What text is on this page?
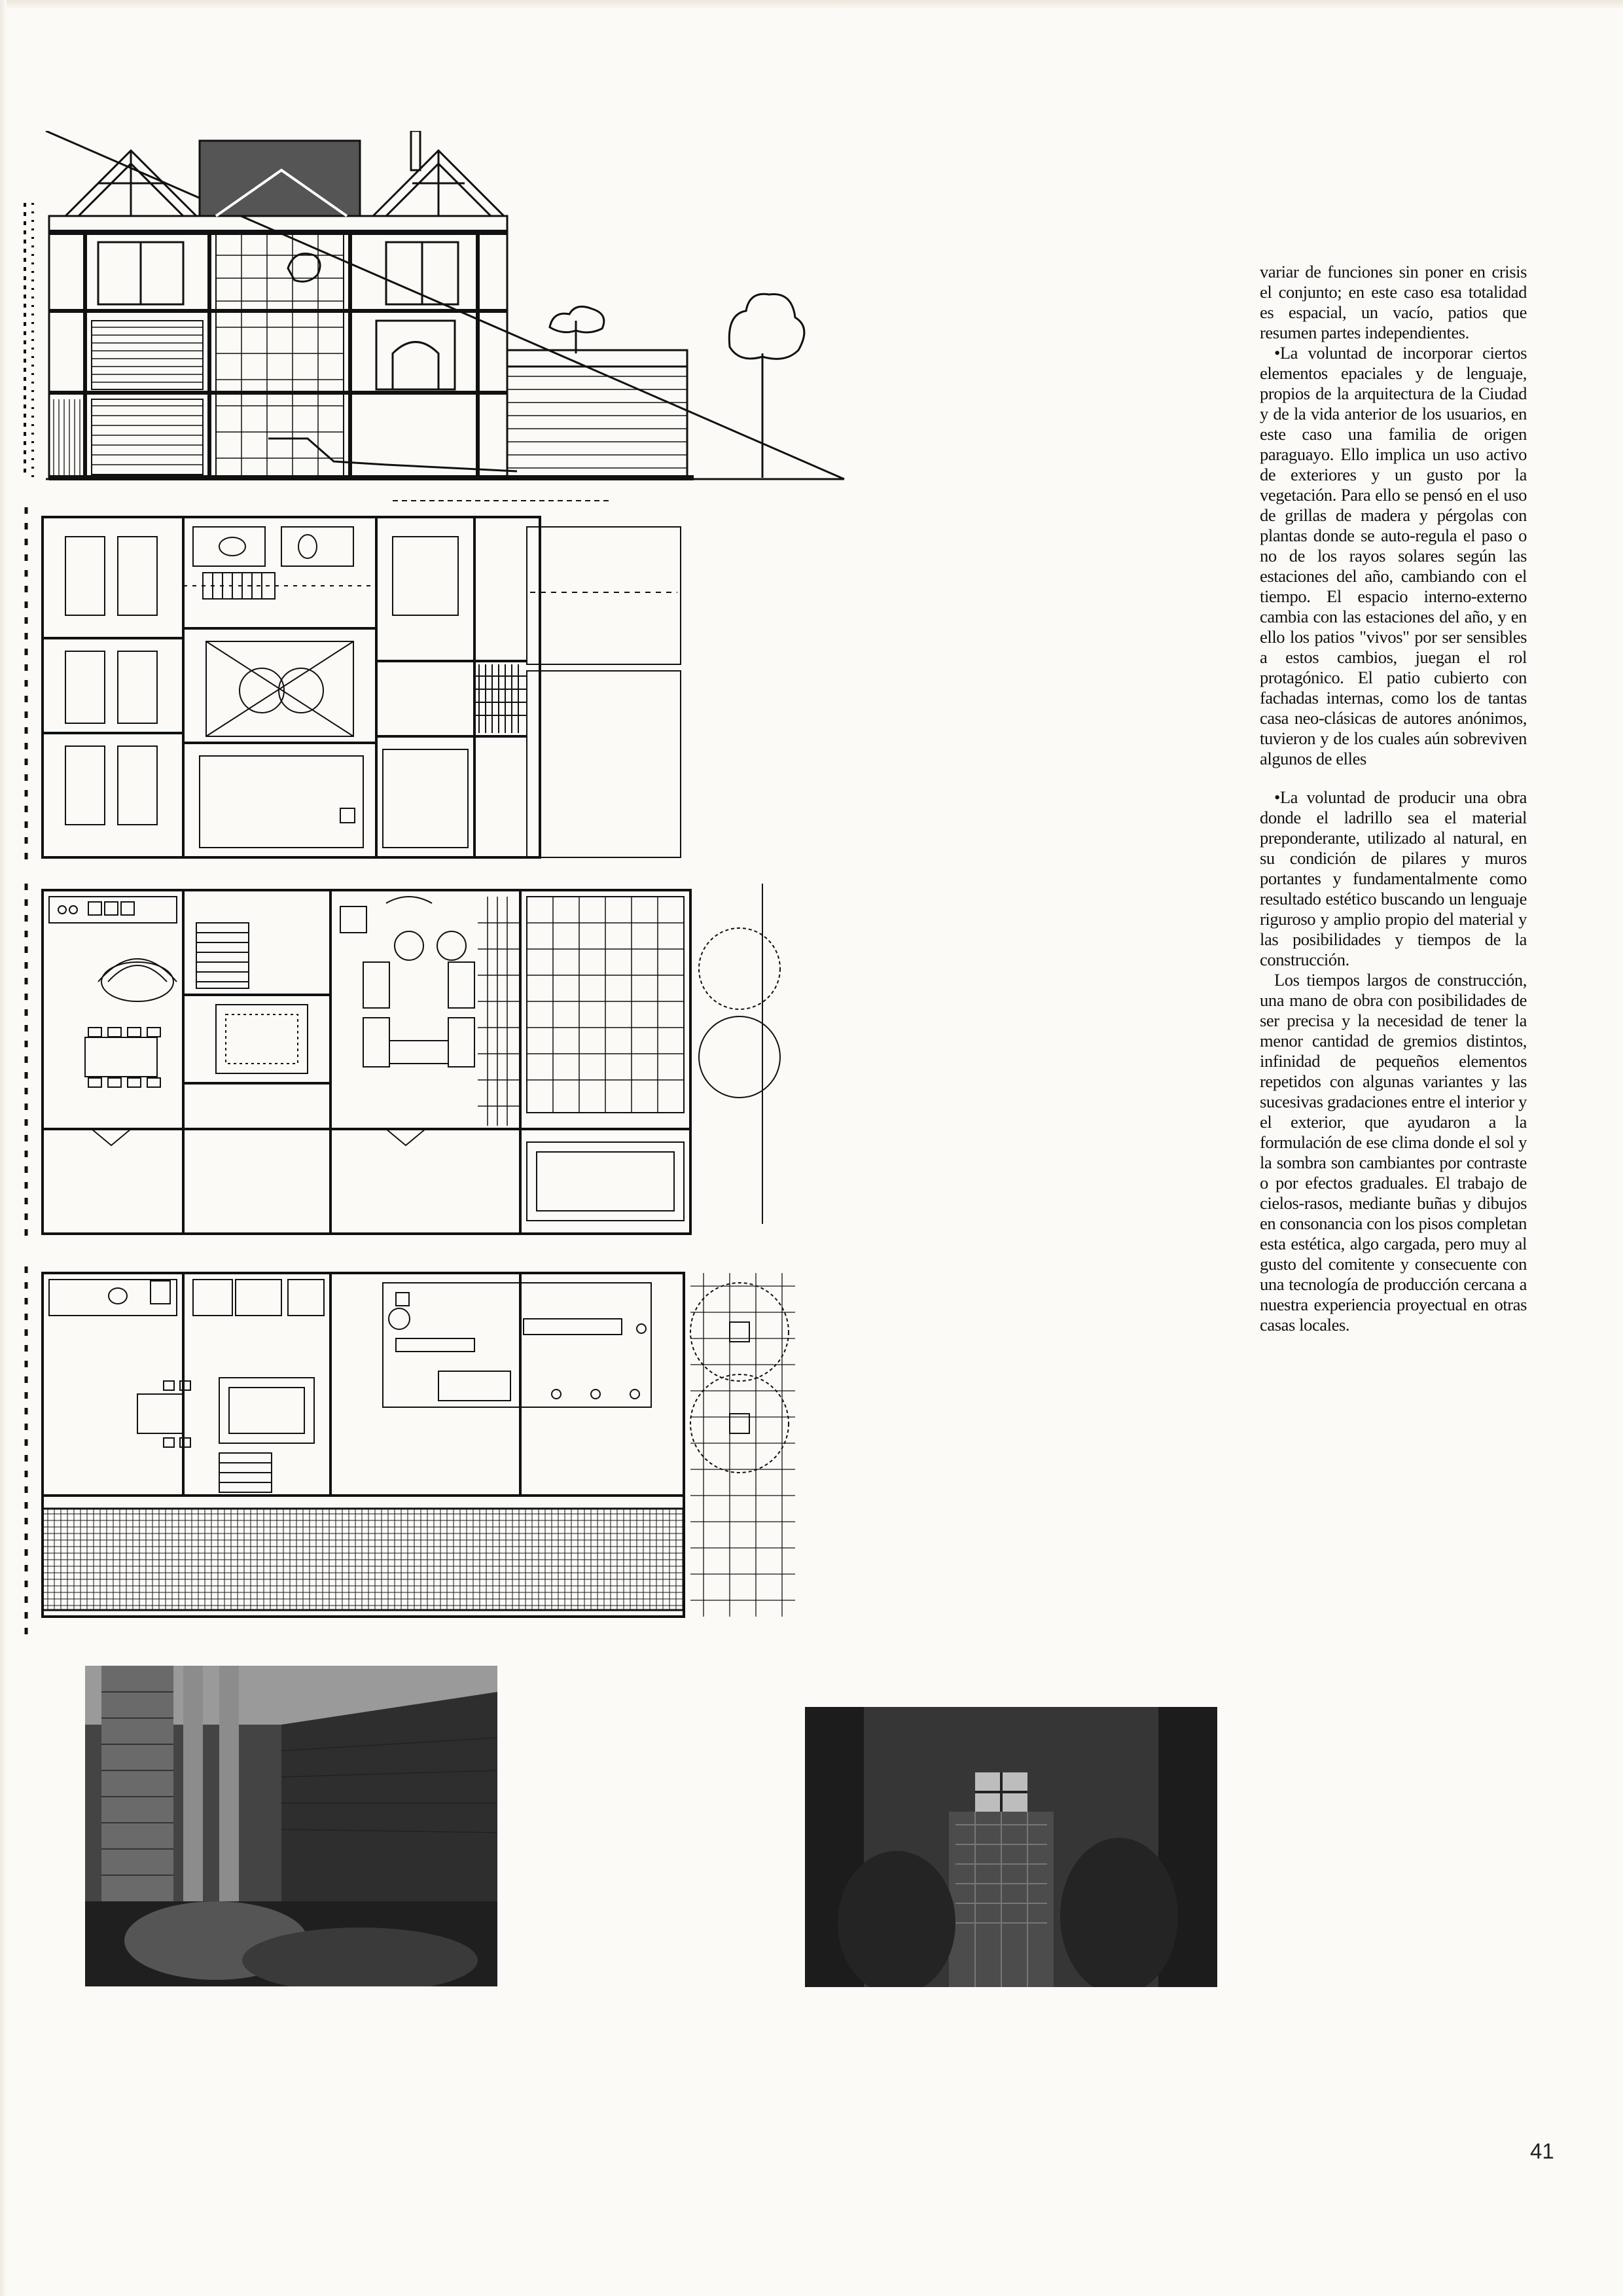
variar de funciones sin poner en crisis el conjunto; en este caso esa totalidad es espacial, un vacío, patios que resumen partes independientes.

•La voluntad de incorporar ciertos elementos epaciales y de lenguaje, propios de la arquitectura de la Ciudad y de la vida anterior de los usuarios, en este caso una familia de origen paraguayo. Ello implica un uso activo de exteriores y un gusto por la vegetación. Para ello se pensó en el uso de grillas de madera y pérgolas con plantas donde se auto-regula el paso o no de los rayos solares según las estaciones del año, cambiando con el tiempo. El espacio interno-externo cambia con las estaciones del año, y en ello los patios "vivos" por ser sensibles a estos cambios, juegan el rol protagónico. El patio cubierto con fachadas internas, como los de tantas casa neo-clásicas de autores anónimos, tuvieron y de los cuales aún sobreviven algunos de elles

•La voluntad de producir una obra donde el ladrillo sea el material preponderante, utilizado al natural, en su condición de pilares y muros portantes y fundamentalmente como resultado estético buscando un lenguaje riguroso y amplio propio del material y las posibilidades y tiempos de la construcción.

Los tiempos largos de construcción, una mano de obra con posibilidades de ser precisa y la necesidad de tener la menor cantidad de gremios distintos, infinidad de pequeños elementos repetidos con algunas variantes y las sucesivas gradaciones entre el interior y el exterior, que ayudaron a la formulación de ese clima donde el sol y la sombra son cambiantes por contraste o por efectos graduales. El trabajo de cielos-rasos, mediante buñas y dibujos en consonancia con los pisos completan esta estética, algo cargada, pero muy al gusto del comitente y consecuente con una tecnología de producción cercana a nuestra experiencia proyectual en otras casas locales.

41
